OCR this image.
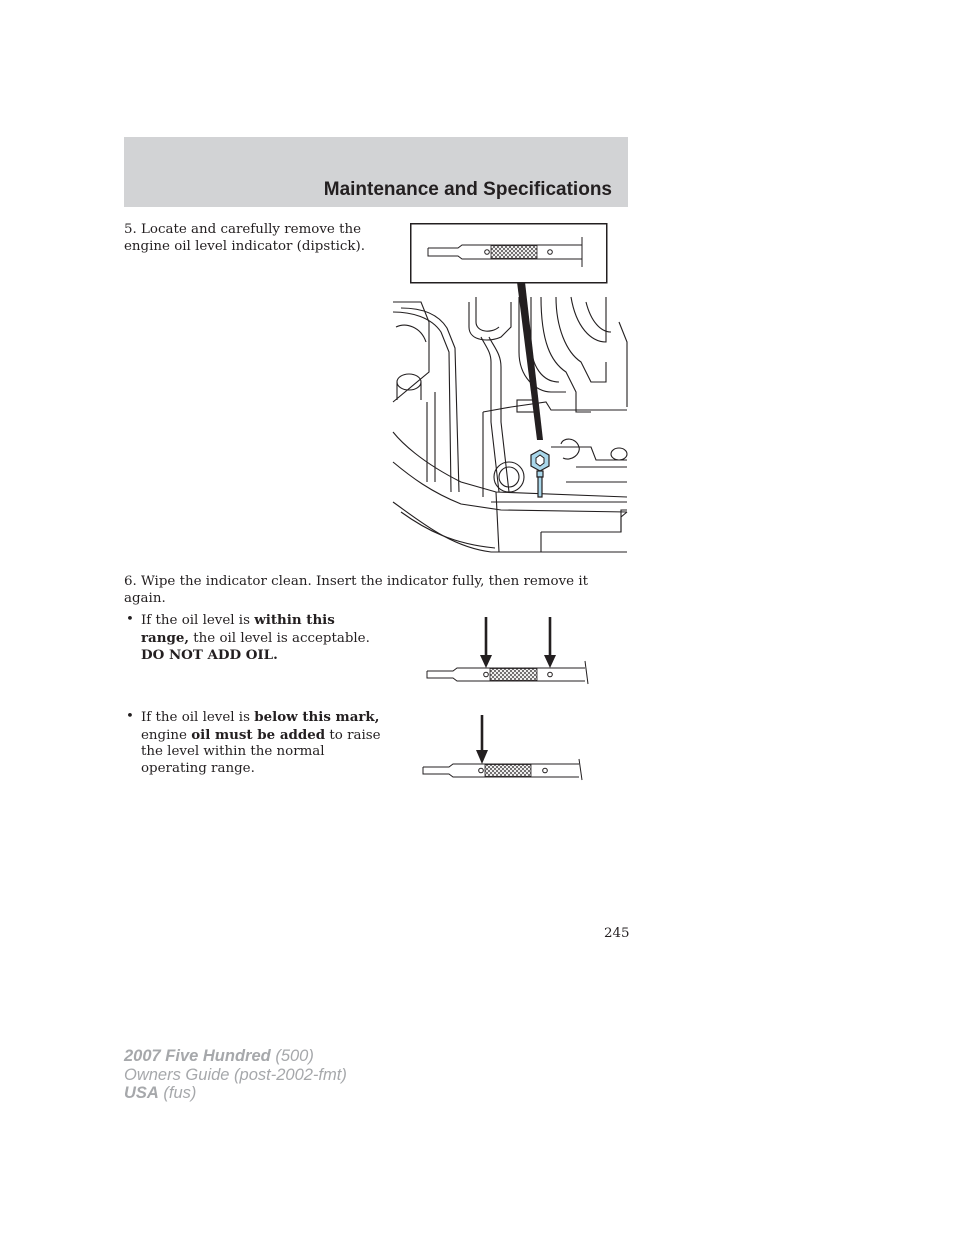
Maintenance and Specifications
5. Locate and carefully remove the engine oil level indicator (dipstick).
6. Wipe the indicator clean. Insert the indicator fully, then remove it again.
• If the oil level is within this range, the oil level is acceptable. DO NOT ADD OIL.
• If the oil level is below this mark, engine oil must be added to raise the level within the normal operating range.
245
2007 Five Hundred (500)
Owners Guide (post-2002-fmt)
USA (fus)
